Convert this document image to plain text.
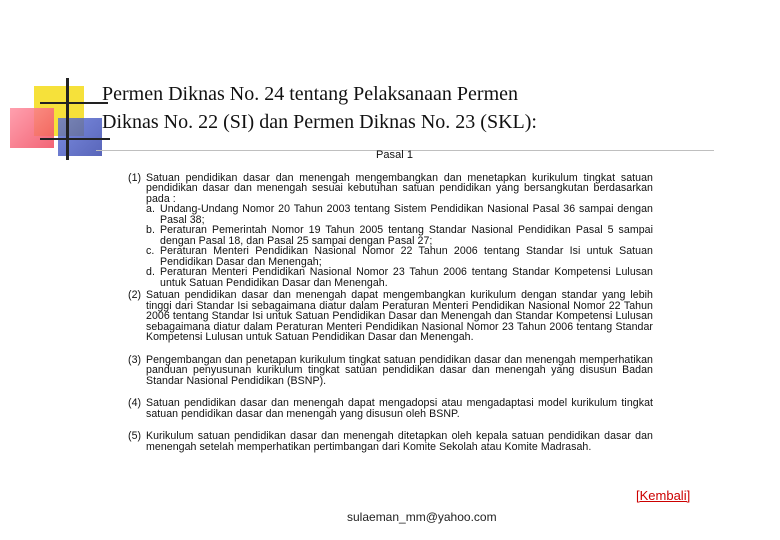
Permen Diknas No. 24 tentang Pelaksanaan Permen
Diknas No. 22 (SI) dan Permen Diknas No. 23 (SKL):
Pasal 1
(1) Satuan pendidikan dasar dan menengah mengembangkan dan menetapkan kurikulum tingkat satuan pendidikan dasar dan menengah sesuai kebutuhan satuan pendidikan yang bersangkutan berdasarkan pada :
a. Undang-Undang Nomor 20 Tahun 2003 tentang Sistem Pendidikan Nasional Pasal 36 sampai dengan Pasal 38;
b. Peraturan Pemerintah Nomor 19 Tahun 2005 tentang Standar Nasional Pendidikan Pasal 5 sampai dengan Pasal 18, dan Pasal 25 sampai dengan Pasal 27;
c. Peraturan Menteri Pendidikan Nasional Nomor 22 Tahun 2006 tentang Standar Isi untuk Satuan Pendidikan Dasar dan Menengah;
d. Peraturan Menteri Pendidikan Nasional Nomor 23 Tahun 2006 tentang Standar Kompetensi Lulusan untuk Satuan Pendidikan Dasar dan Menengah.
(2) Satuan pendidikan dasar dan menengah dapat mengembangkan kurikulum dengan standar yang lebih tinggi dari Standar Isi sebagaimana diatur dalam Peraturan Menteri Pendidikan Nasional Nomor 22 Tahun 2006 tentang Standar Isi untuk Satuan Pendidikan Dasar dan Menengah dan Standar Kompetensi Lulusan sebagaimana diatur dalam Peraturan Menteri Pendidikan Nasional Nomor 23 Tahun 2006 tentang Standar Kompetensi Lulusan untuk Satuan Pendidikan Dasar dan Menengah.
(3) Pengembangan dan penetapan kurikulum tingkat satuan pendidikan dasar dan menengah memperhatikan panduan penyusunan kurikulum tingkat satuan pendidikan dasar dan menengah yang disusun Badan Standar Nasional Pendidikan (BSNP).
(4) Satuan pendidikan dasar dan menengah dapat mengadopsi atau mengadaptasi model kurikulum tingkat satuan pendidikan dasar dan menengah yang disusun oleh BSNP.
(5) Kurikulum satuan pendidikan dasar dan menengah ditetapkan oleh kepala satuan pendidikan dasar dan menengah setelah memperhatikan pertimbangan dari Komite Sekolah atau Komite Madrasah.
[Kembali]
sulaeman_mm@yahoo.com
